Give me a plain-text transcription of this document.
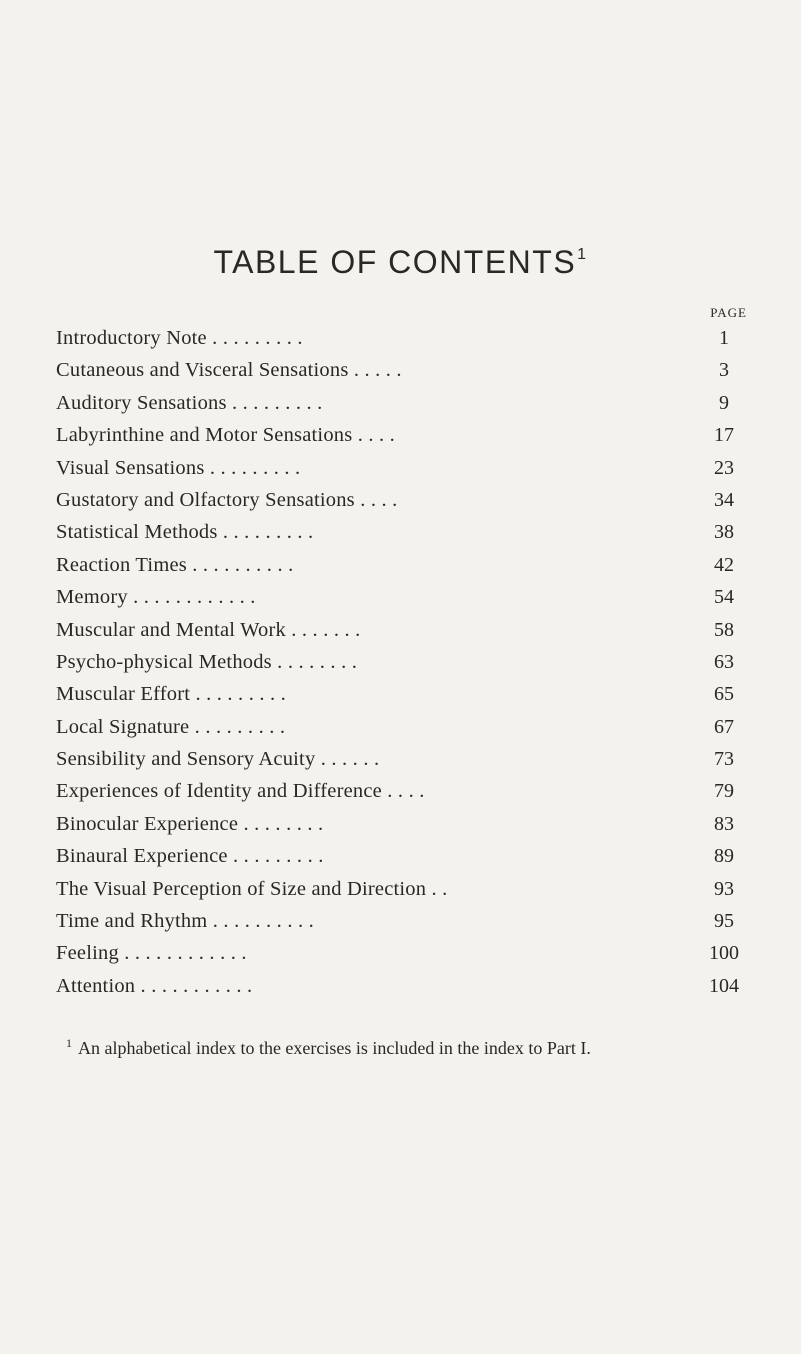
TABLE OF CONTENTS$^1$
PAGE
Introductory Note . . . . . . . . .	1
Cutaneous and Visceral Sensations . . . . .	3
Auditory Sensations . . . . . . . . .	9
Labyrinthine and Motor Sensations . . . .	17
Visual Sensations . . . . . . . . .	23
Gustatory and Olfactory Sensations . . . .	34
Statistical Methods . . . . . . . . .	38
Reaction Times . . . . . . . . . .	42
Memory . . . . . . . . . . . .	54
Muscular and Mental Work . . . . . . .	58
Psycho-physical Methods . . . . . . . .	63
Muscular Effort . . . . . . . . .	65
Local Signature . . . . . . . . .	67
Sensibility and Sensory Acuity . . . . . .	73
Experiences of Identity and Difference . . . .	79
Binocular Experience . . . . . . . .	83
Binaural Experience . . . . . . . . .	89
The Visual Perception of Size and Direction . .	93
Time and Rhythm . . . . . . . . . .	95
Feeling . . . . . . . . . . . .	100
Attention . . . . . . . . . . .	104
$^1$ An alphabetical index to the exercises is included in the index to Part I.
